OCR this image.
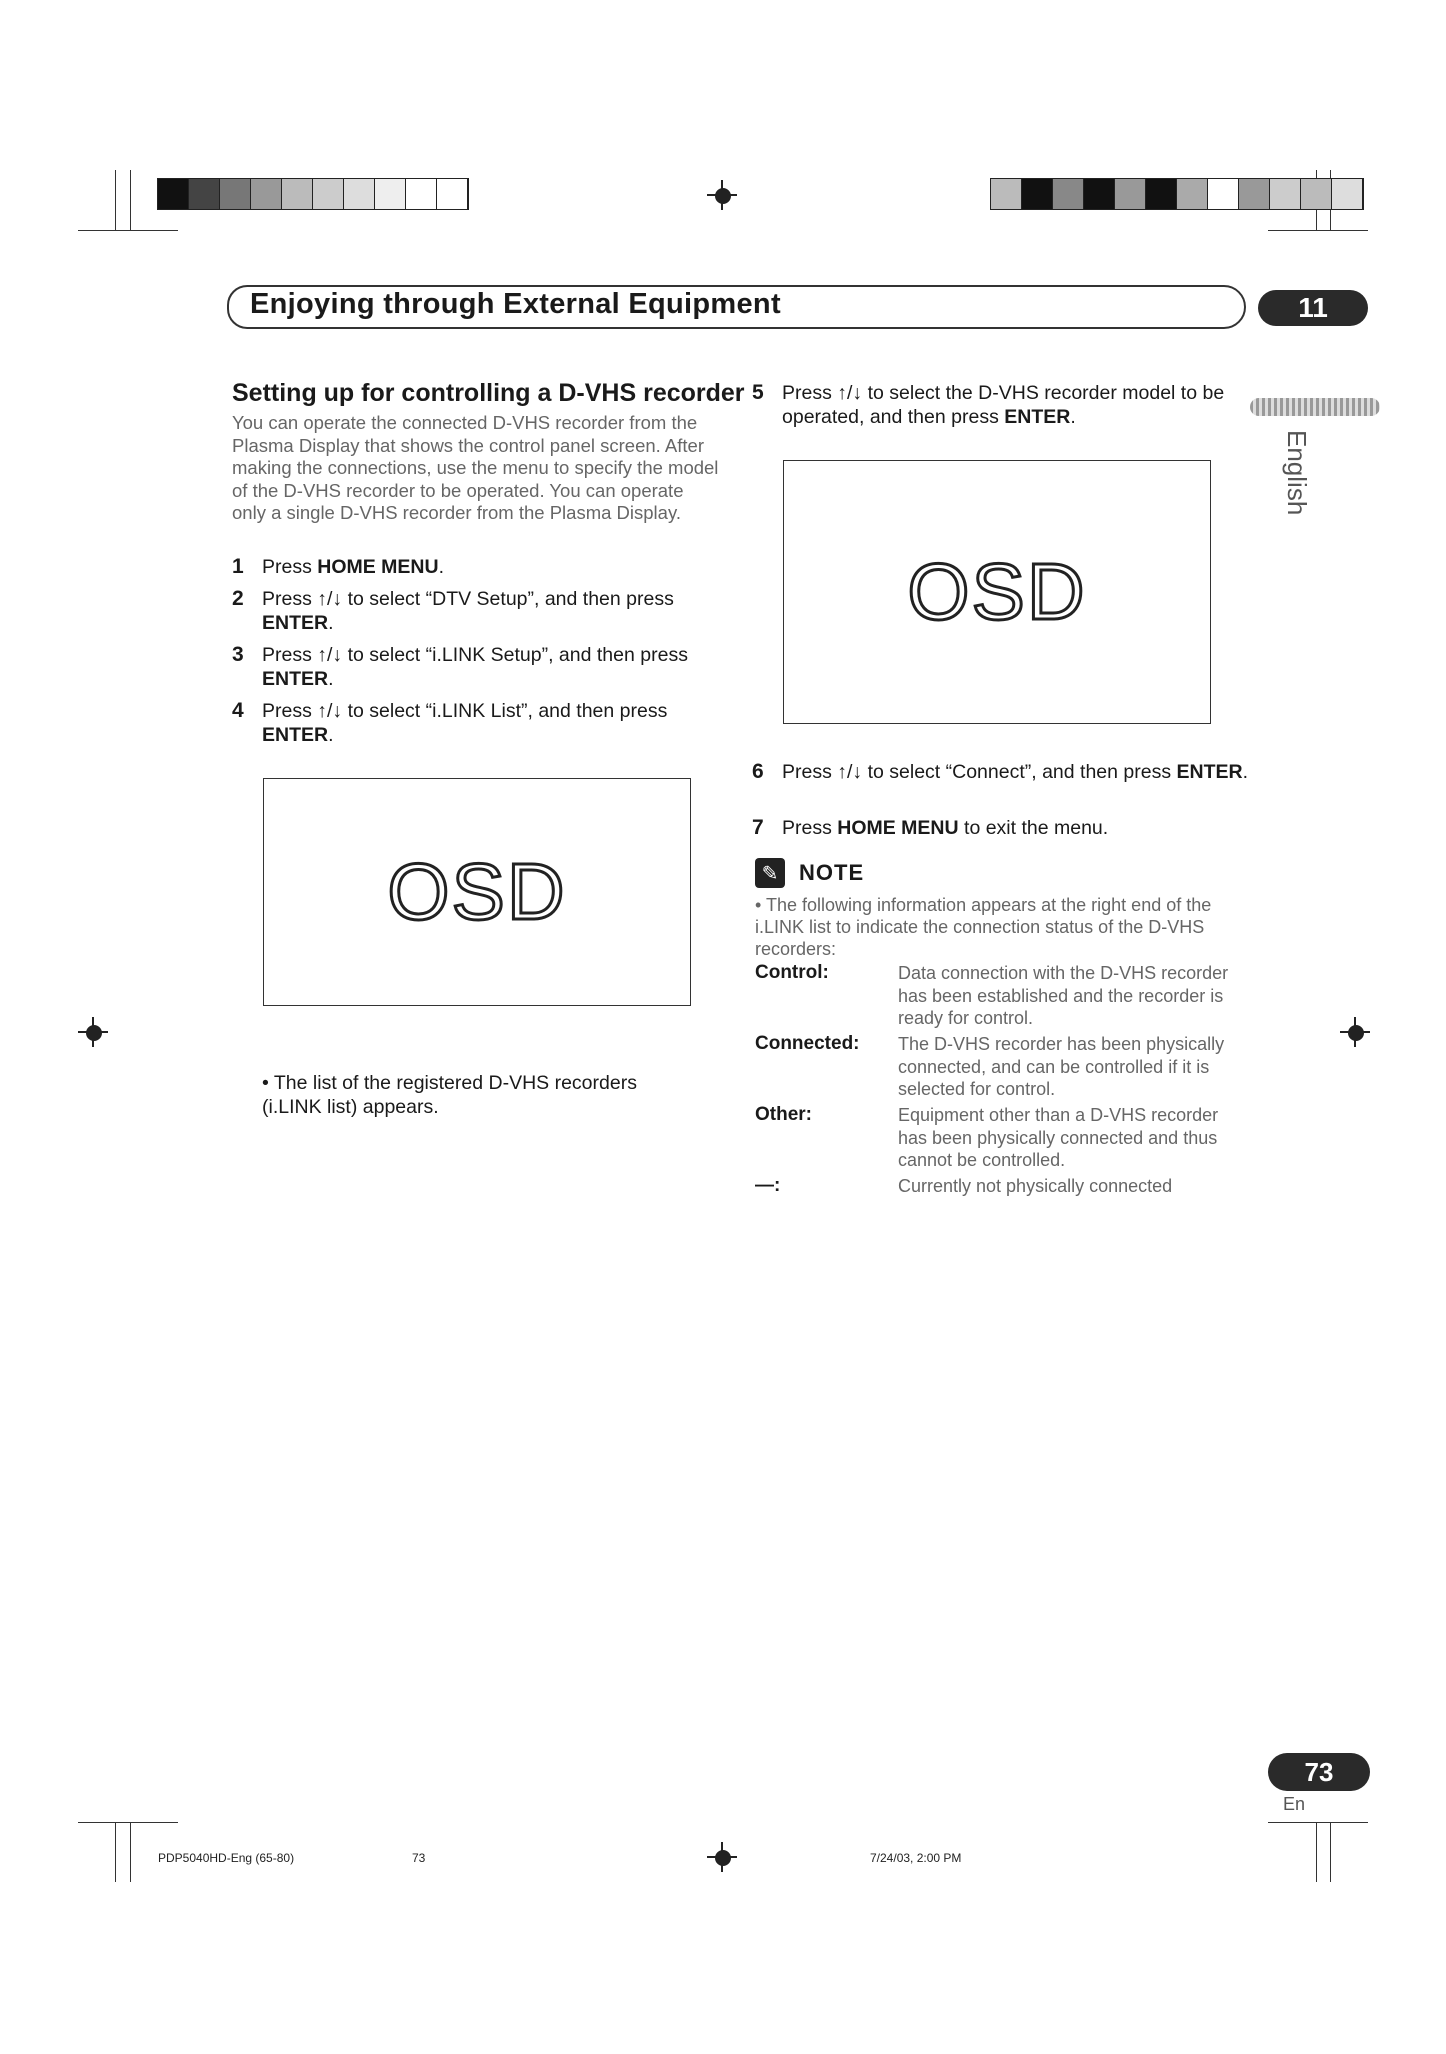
Enjoying through External Equipment	11
English
Setting up for controlling a D-VHS recorder
You can operate the connected D-VHS recorder from the Plasma Display that shows the control panel screen. After making the connections, use the menu to specify the model of the D-VHS recorder to be operated. You can operate only a single D-VHS recorder from the Plasma Display.
1 Press HOME MENU.
2 Press ↑/↓ to select “DTV Setup”, and then press ENTER.
3 Press ↑/↓ to select “i.LINK Setup”, and then press ENTER.
4 Press ↑/↓ to select “i.LINK List”, and then press ENTER.
OSD
• The list of the registered D-VHS recorders (i.LINK list) appears.
5 Press ↑/↓ to select the D-VHS recorder model to be operated, and then press ENTER.
OSD
6 Press ↑/↓ to select “Connect”, and then press ENTER.
7 Press HOME MENU to exit the menu.
✎ NOTE
• The following information appears at the right end of the i.LINK list to indicate the connection status of the D-VHS recorders:
Control:	Data connection with the D-VHS recorder has been established and the recorder is ready for control.
Connected: The D-VHS recorder has been physically connected, and can be controlled if it is selected for control.
Other:	Equipment other than a D-VHS recorder has been physically connected and thus cannot be controlled.
—:	Currently not physically connected
73
En
PDP5040HD-Eng (65-80)	73	7/24/03, 2:00 PM
